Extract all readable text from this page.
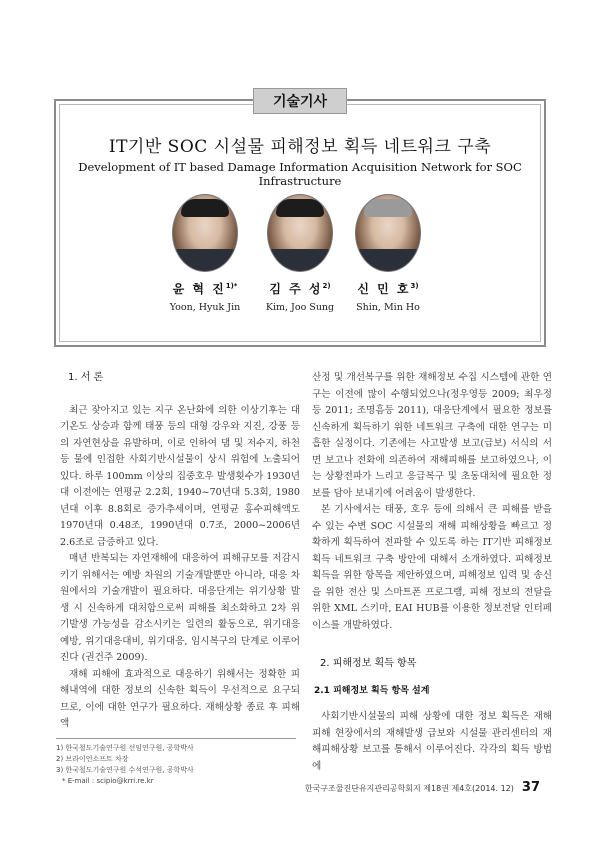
기술기사
IT기반 SOC 시설물 피해정보 획득 네트워크 구축
Development of IT based Damage Information Acquisition Network for SOC Infrastructure
윤 혁 진$^{1)*}$
Yoon, Hyuk Jin
김 주 성$^{2)}$
Kim, Joo Sung
신 민 호$^{3)}$
Shin, Min Ho
1. 서 론

최근 잦아지고 있는 지구 온난화에 의한 이상기후는 대기온도 상승과 함께 태풍 등의 대형 강우와 지진, 강풍 등의 자연현상을 유발하며, 이로 인하여 댐 및 저수지, 하천 등 물에 인접한 사회기반시설물이 상시 위험에 노출되어 있다. 하루 100mm 이상의 집중호우 발생횟수가 1930년대 이전에는 연평균 2.2회, 1940~70년대 5.3회, 1980년대 이후 8.8회로 증가추세이며, 연평균 홍수피해액도 1970년대 0.48조, 1990년대 0.7조, 2000~2006년 2.6조로 급증하고 있다.

매년 반복되는 자연재해에 대응하여 피해규모를 저감시키기 위해서는 예방 차원의 기술개발뿐만 아니라, 대응 차원에서의 기술개발이 필요하다. 대응단계는 위기상황 발생 시 신속하게 대처함으로써 피해를 최소화하고 2차 위기발생 가능성을 감소시키는 일련의 활동으로, 위기대응예방, 위기대응대비, 위기대응, 임시복구의 단계로 이루어진다 (권건주 2009).

재해 피해에 효과적으로 대응하기 위해서는 정확한 피해내역에 대한 정보의 신속한 획득이 우선적으로 요구되므로, 이에 대한 연구가 필요하다. 재해상황 종료 후 피해액

산정 및 개선복구를 위한 재해정보 수집 시스템에 관한 연구는 이전에 많이 수행되었으나(정우영등 2009; 최우정등 2011; 조명흠등 2011), 대응단계에서 필요한 정보를 신속하게 획득하기 위한 네트워크 구축에 대한 연구는 미흡한 실정이다. 기존에는 사고발생 보고(급보) 서식의 서면 보고나 전화에 의존하여 재해피해를 보고하였으나, 이는 상황전파가 느리고 응급복구 및 초동대처에 필요한 정보를 담아 보내기에 어려움이 발생한다.

본 기사에서는 태풍, 호우 등에 의해서 큰 피해를 받을 수 있는 수변 SOC 시설물의 재해 피해상황을 빠르고 정확하게 획득하여 전파할 수 있도록 하는 IT기반 피해정보 획득 네트워크 구축 방안에 대해서 소개하였다. 피해정보 획득을 위한 항목을 제안하였으며, 피해정보 입력 및 송신을 위한 전산 및 스마트폰 프로그램, 피해 정보의 전달을 위한 XML 스키마, EAI HUB를 이용한 정보전달 인터페이스를 개발하였다.

2. 피해정보 획득 항목
2.1 피해정보 획득 항목 설계

사회기반시설물의 피해 상황에 대한 정보 획득은 재해피해 현장에서의 재해발생 급보와 시설물 관리센터의 재해피해상황 보고를 통해서 이루어진다. 각각의 획득 방법에

1) 한국철도기술연구원 선임연구원, 공학박사
2) 브라이언소프트 차장
3) 한국철도기술연구원 수석연구원, 공학박사
* E-mail : scipio@krri.re.kr
한국구조물진단유지관리공학회지 제18권 제4호(2014. 12) 37
